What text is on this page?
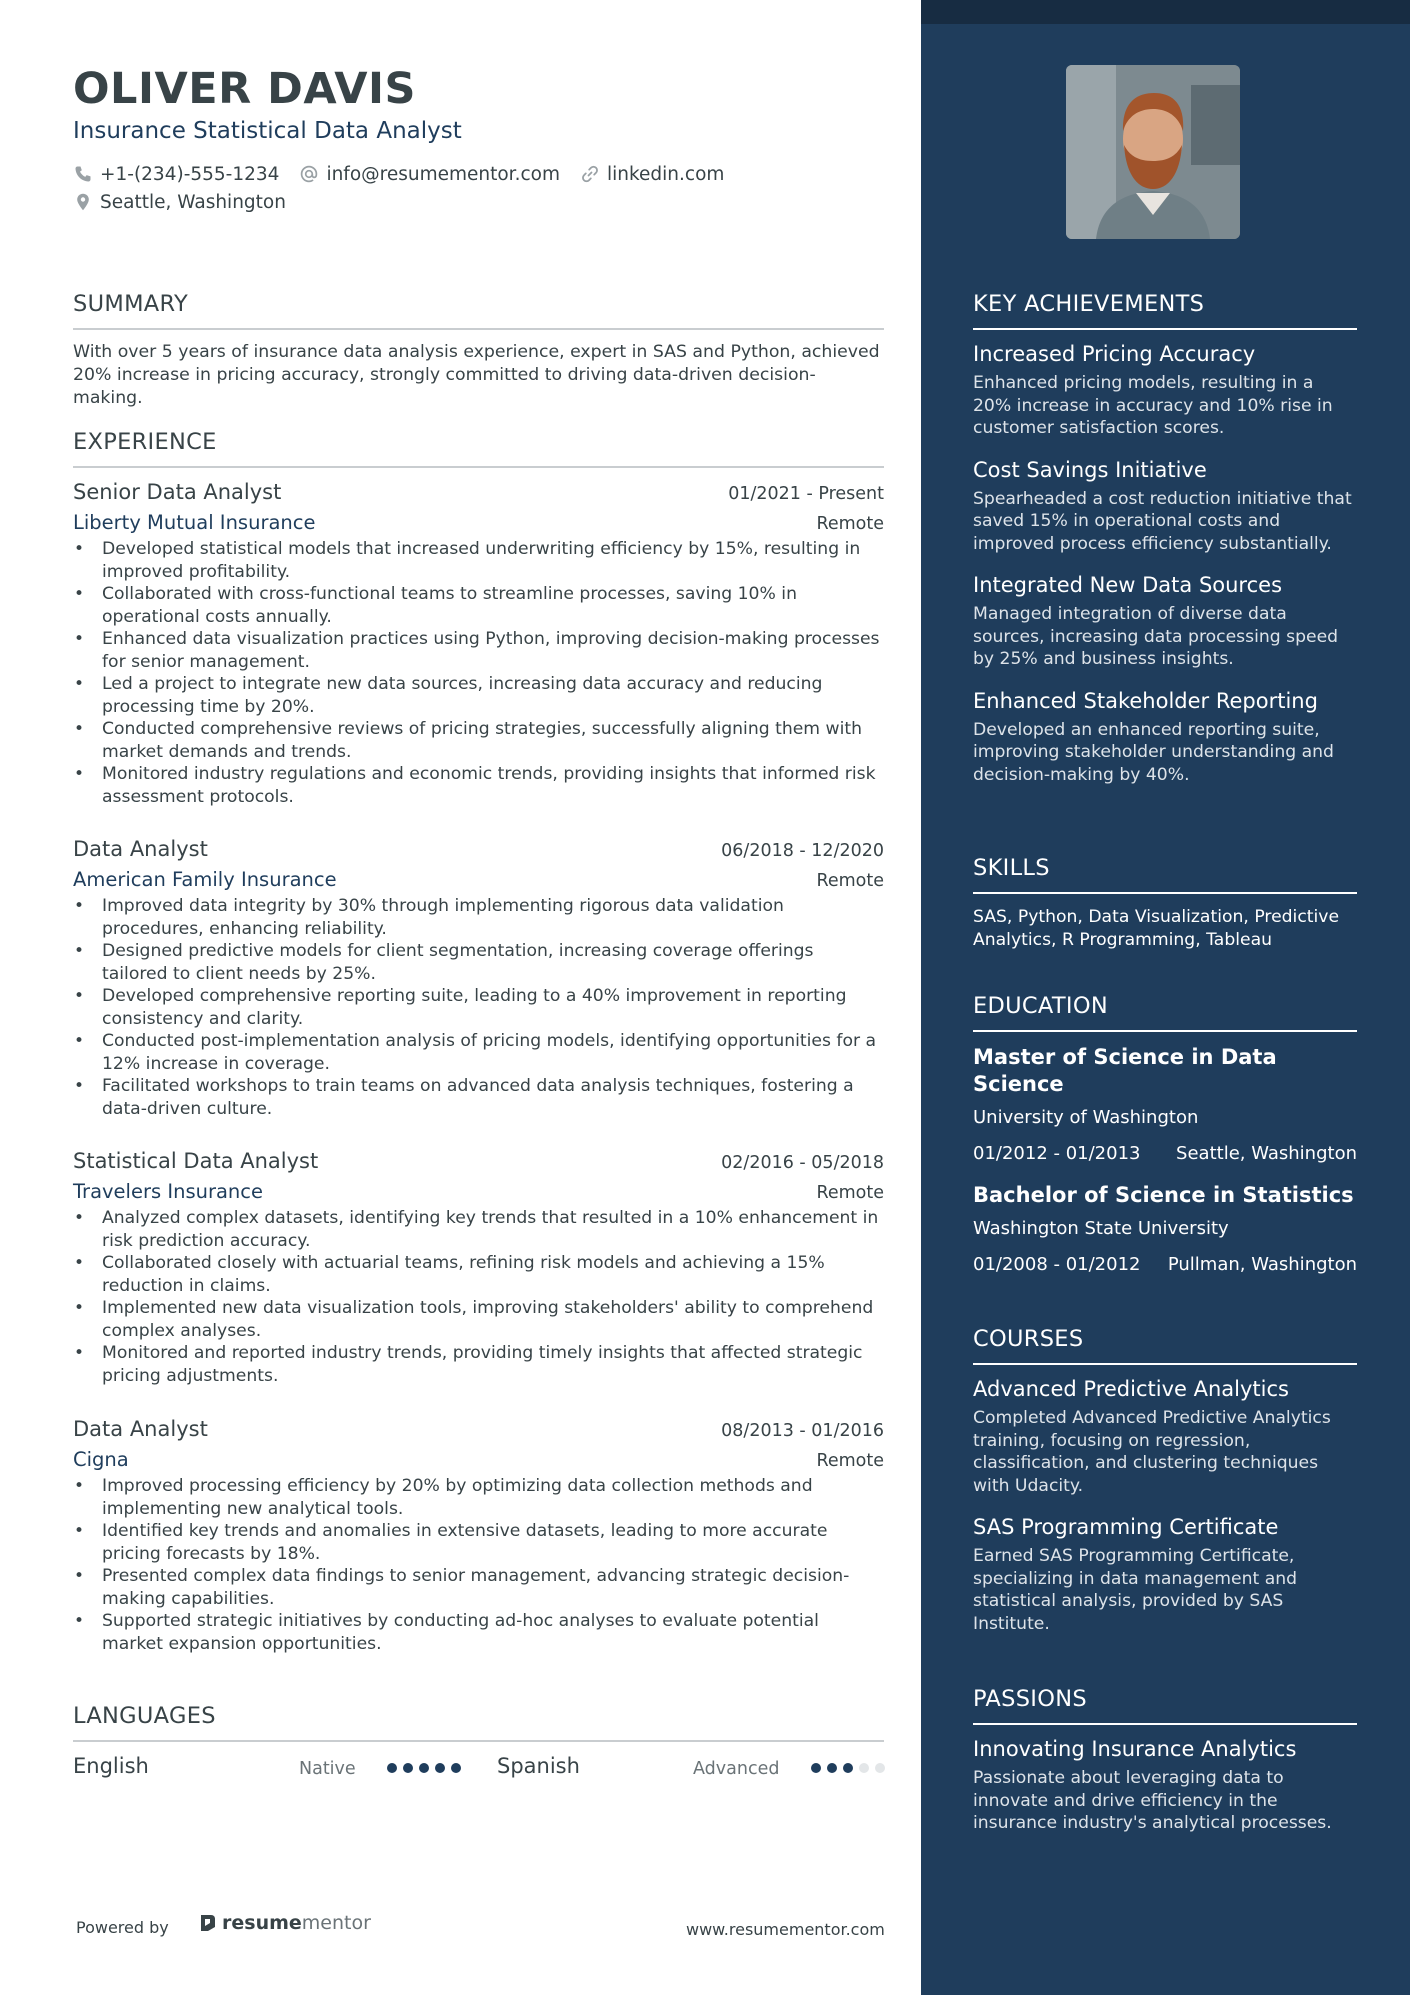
OLIVER DAVIS
Insurance Statistical Data Analyst
+1-(234)-555-1234	info@resumementor.com	linkedin.com
Seattle, Washington
SUMMARY
With over 5 years of insurance data analysis experience, expert in SAS and Python, achieved 20% increase in pricing accuracy, strongly committed to driving data-driven decision-making.
EXPERIENCE
Senior Data Analyst	01/2021 - Present
Liberty Mutual Insurance	Remote
• Developed statistical models that increased underwriting efficiency by 15%, resulting in improved profitability.
• Collaborated with cross-functional teams to streamline processes, saving 10% in operational costs annually.
• Enhanced data visualization practices using Python, improving decision-making processes for senior management.
• Led a project to integrate new data sources, increasing data accuracy and reducing processing time by 20%.
• Conducted comprehensive reviews of pricing strategies, successfully aligning them with market demands and trends.
• Monitored industry regulations and economic trends, providing insights that informed risk assessment protocols.
Data Analyst	06/2018 - 12/2020
American Family Insurance	Remote
• Improved data integrity by 30% through implementing rigorous data validation procedures, enhancing reliability.
• Designed predictive models for client segmentation, increasing coverage offerings tailored to client needs by 25%.
• Developed comprehensive reporting suite, leading to a 40% improvement in reporting consistency and clarity.
• Conducted post-implementation analysis of pricing models, identifying opportunities for a 12% increase in coverage.
• Facilitated workshops to train teams on advanced data analysis techniques, fostering a data-driven culture.
Statistical Data Analyst	02/2016 - 05/2018
Travelers Insurance	Remote
• Analyzed complex datasets, identifying key trends that resulted in a 10% enhancement in risk prediction accuracy.
• Collaborated closely with actuarial teams, refining risk models and achieving a 15% reduction in claims.
• Implemented new data visualization tools, improving stakeholders' ability to comprehend complex analyses.
• Monitored and reported industry trends, providing timely insights that affected strategic pricing adjustments.
Data Analyst	08/2013 - 01/2016
Cigna	Remote
• Improved processing efficiency by 20% by optimizing data collection methods and implementing new analytical tools.
• Identified key trends and anomalies in extensive datasets, leading to more accurate pricing forecasts by 18%.
• Presented complex data findings to senior management, advancing strategic decision-making capabilities.
• Supported strategic initiatives by conducting ad-hoc analyses to evaluate potential market expansion opportunities.
LANGUAGES
English	Native	Spanish	Advanced
Powered by	resume mentor	www.resumementor.com
KEY ACHIEVEMENTS
Increased Pricing Accuracy
Enhanced pricing models, resulting in a 20% increase in accuracy and 10% rise in customer satisfaction scores.
Cost Savings Initiative
Spearheaded a cost reduction initiative that saved 15% in operational costs and improved process efficiency substantially.
Integrated New Data Sources
Managed integration of diverse data sources, increasing data processing speed by 25% and business insights.
Enhanced Stakeholder Reporting
Developed an enhanced reporting suite, improving stakeholder understanding and decision-making by 40%.
SKILLS
SAS, Python, Data Visualization, Predictive Analytics, R Programming, Tableau
EDUCATION
Master of Science in Data Science
University of Washington
01/2012 - 01/2013 Seattle, Washington
Bachelor of Science in Statistics
Washington State University
01/2008 - 01/2012 Pullman, Washington
COURSES
Advanced Predictive Analytics
Completed Advanced Predictive Analytics training, focusing on regression, classification, and clustering techniques with Udacity.
SAS Programming Certificate
Earned SAS Programming Certificate, specializing in data management and statistical analysis, provided by SAS Institute.
PASSIONS
Innovating Insurance Analytics
Passionate about leveraging data to innovate and drive efficiency in the insurance industry's analytical processes.
